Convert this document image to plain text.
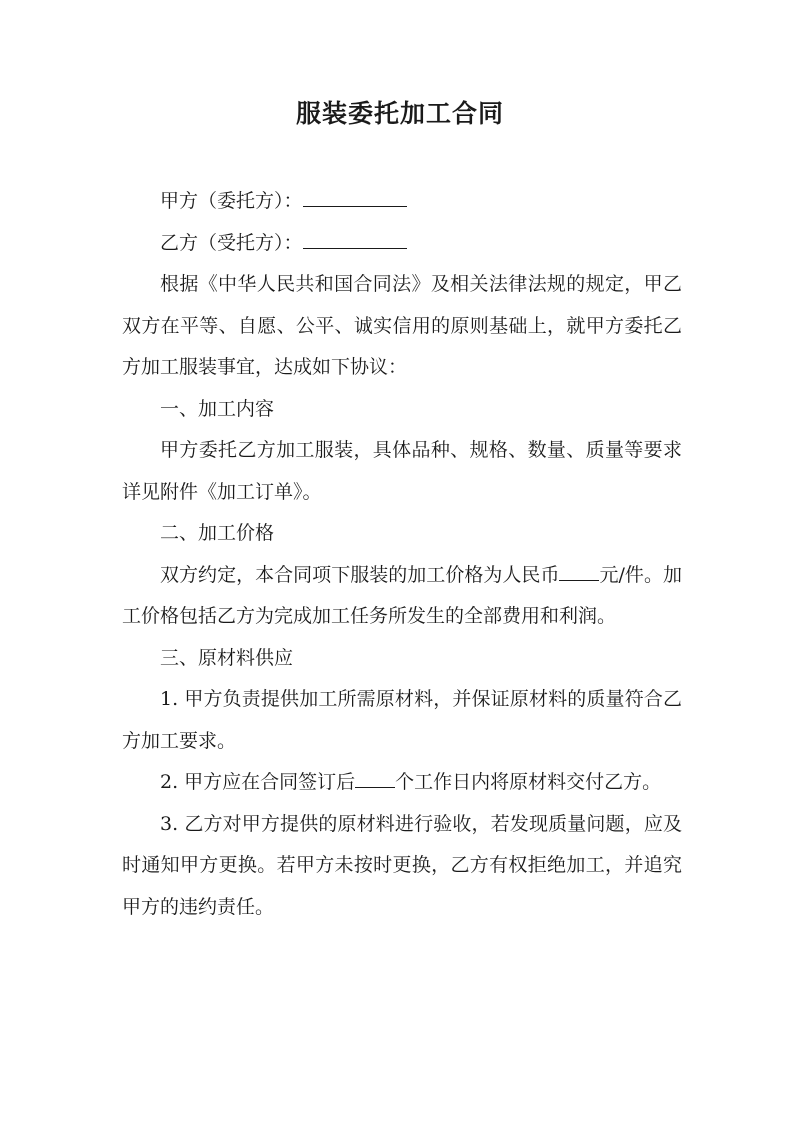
服装委托加工合同

甲方（委托方）：

乙方（受托方）：

根据《中华人民共和国合同法》及相关法律法规的规定，甲乙双方在平等、自愿、公平、诚实信用的原则基础上，就甲方委托乙方加工服装事宜，达成如下协议：

一、加工内容

甲方委托乙方加工服装，具体品种、规格、数量、质量等要求详见附件《加工订单》。

二、加工价格

双方约定，本合同项下服装的加工价格为人民币 元/件。加工价格包括乙方为完成加工任务所发生的全部费用和利润。

三、原材料供应

1. 甲方负责提供加工所需原材料，并保证原材料的质量符合乙方加工要求。

2. 甲方应在合同签订后 个工作日内将原材料交付乙方。

3. 乙方对甲方提供的原材料进行验收，若发现质量问题，应及时通知甲方更换。若甲方未按时更换，乙方有权拒绝加工，并追究甲方的违约责任。
